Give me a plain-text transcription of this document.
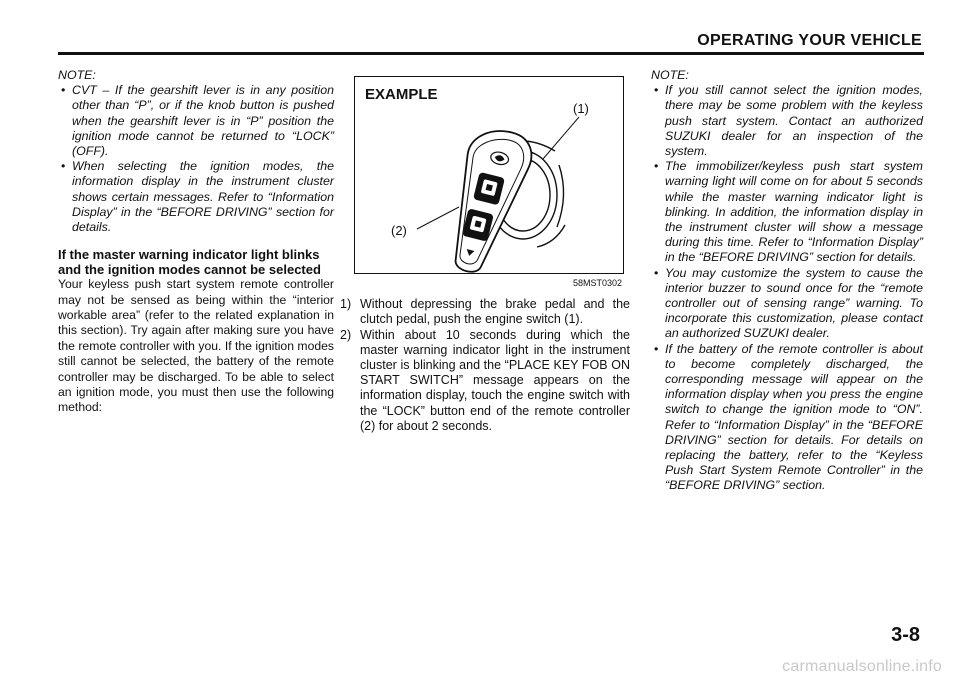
OPERATING YOUR VEHICLE

NOTE:

• CVT – If the gearshift lever is in any position other than “P”, or if the knob button is pushed when the gearshift lever is in “P” position the ignition mode cannot be returned to “LOCK” (OFF).
• When selecting the ignition modes, the information display in the instrument cluster shows certain messages. Refer to “Information Display” in the “BEFORE DRIVING” section for details.

If the master warning indicator light blinks and the ignition modes cannot be selected

Your keyless push start system remote controller may not be sensed as being within the “interior workable area” (refer to the related explanation in this section). Try again after making sure you have the remote controller with you. If the ignition modes still cannot be selected, the battery of the remote controller may be discharged. To be able to select an ignition mode, you must then use the following method:

EXAMPLE
(1)
(2)
58MST0302
1) Without depressing the brake pedal and the clutch pedal, push the engine switch (1).
2) Within about 10 seconds during which the master warning indicator light in the instrument cluster is blinking and the “PLACE KEY FOB ON START SWITCH” message appears on the information display, touch the engine switch with the “LOCK” button end of the remote controller (2) for about 2 seconds.

NOTE:

• If you still cannot select the ignition modes, there may be some problem with the keyless push start system. Contact an authorized SUZUKI dealer for an inspection of the system.
• The immobilizer/keyless push start system warning light will come on for about 5 seconds while the master warning indicator light is blinking. In addition, the information display in the instrument cluster will show a message during this time. Refer to “Information Display” in the “BEFORE DRIVING” section for details.
• You may customize the system to cause the interior buzzer to sound once for the “remote controller out of sensing range” warning. To incorporate this customization, please contact an authorized SUZUKI dealer.
• If the battery of the remote controller is about to become completely discharged, the corresponding message will appear on the information display when you press the engine switch to change the ignition mode to “ON”. Refer to “Information Display” in the “BEFORE DRIVING” section for details. For details on replacing the battery, refer to the “Keyless Push Start System Remote Controller” in the “BEFORE DRIVING” section.
3-8
carmanualsonline.info
